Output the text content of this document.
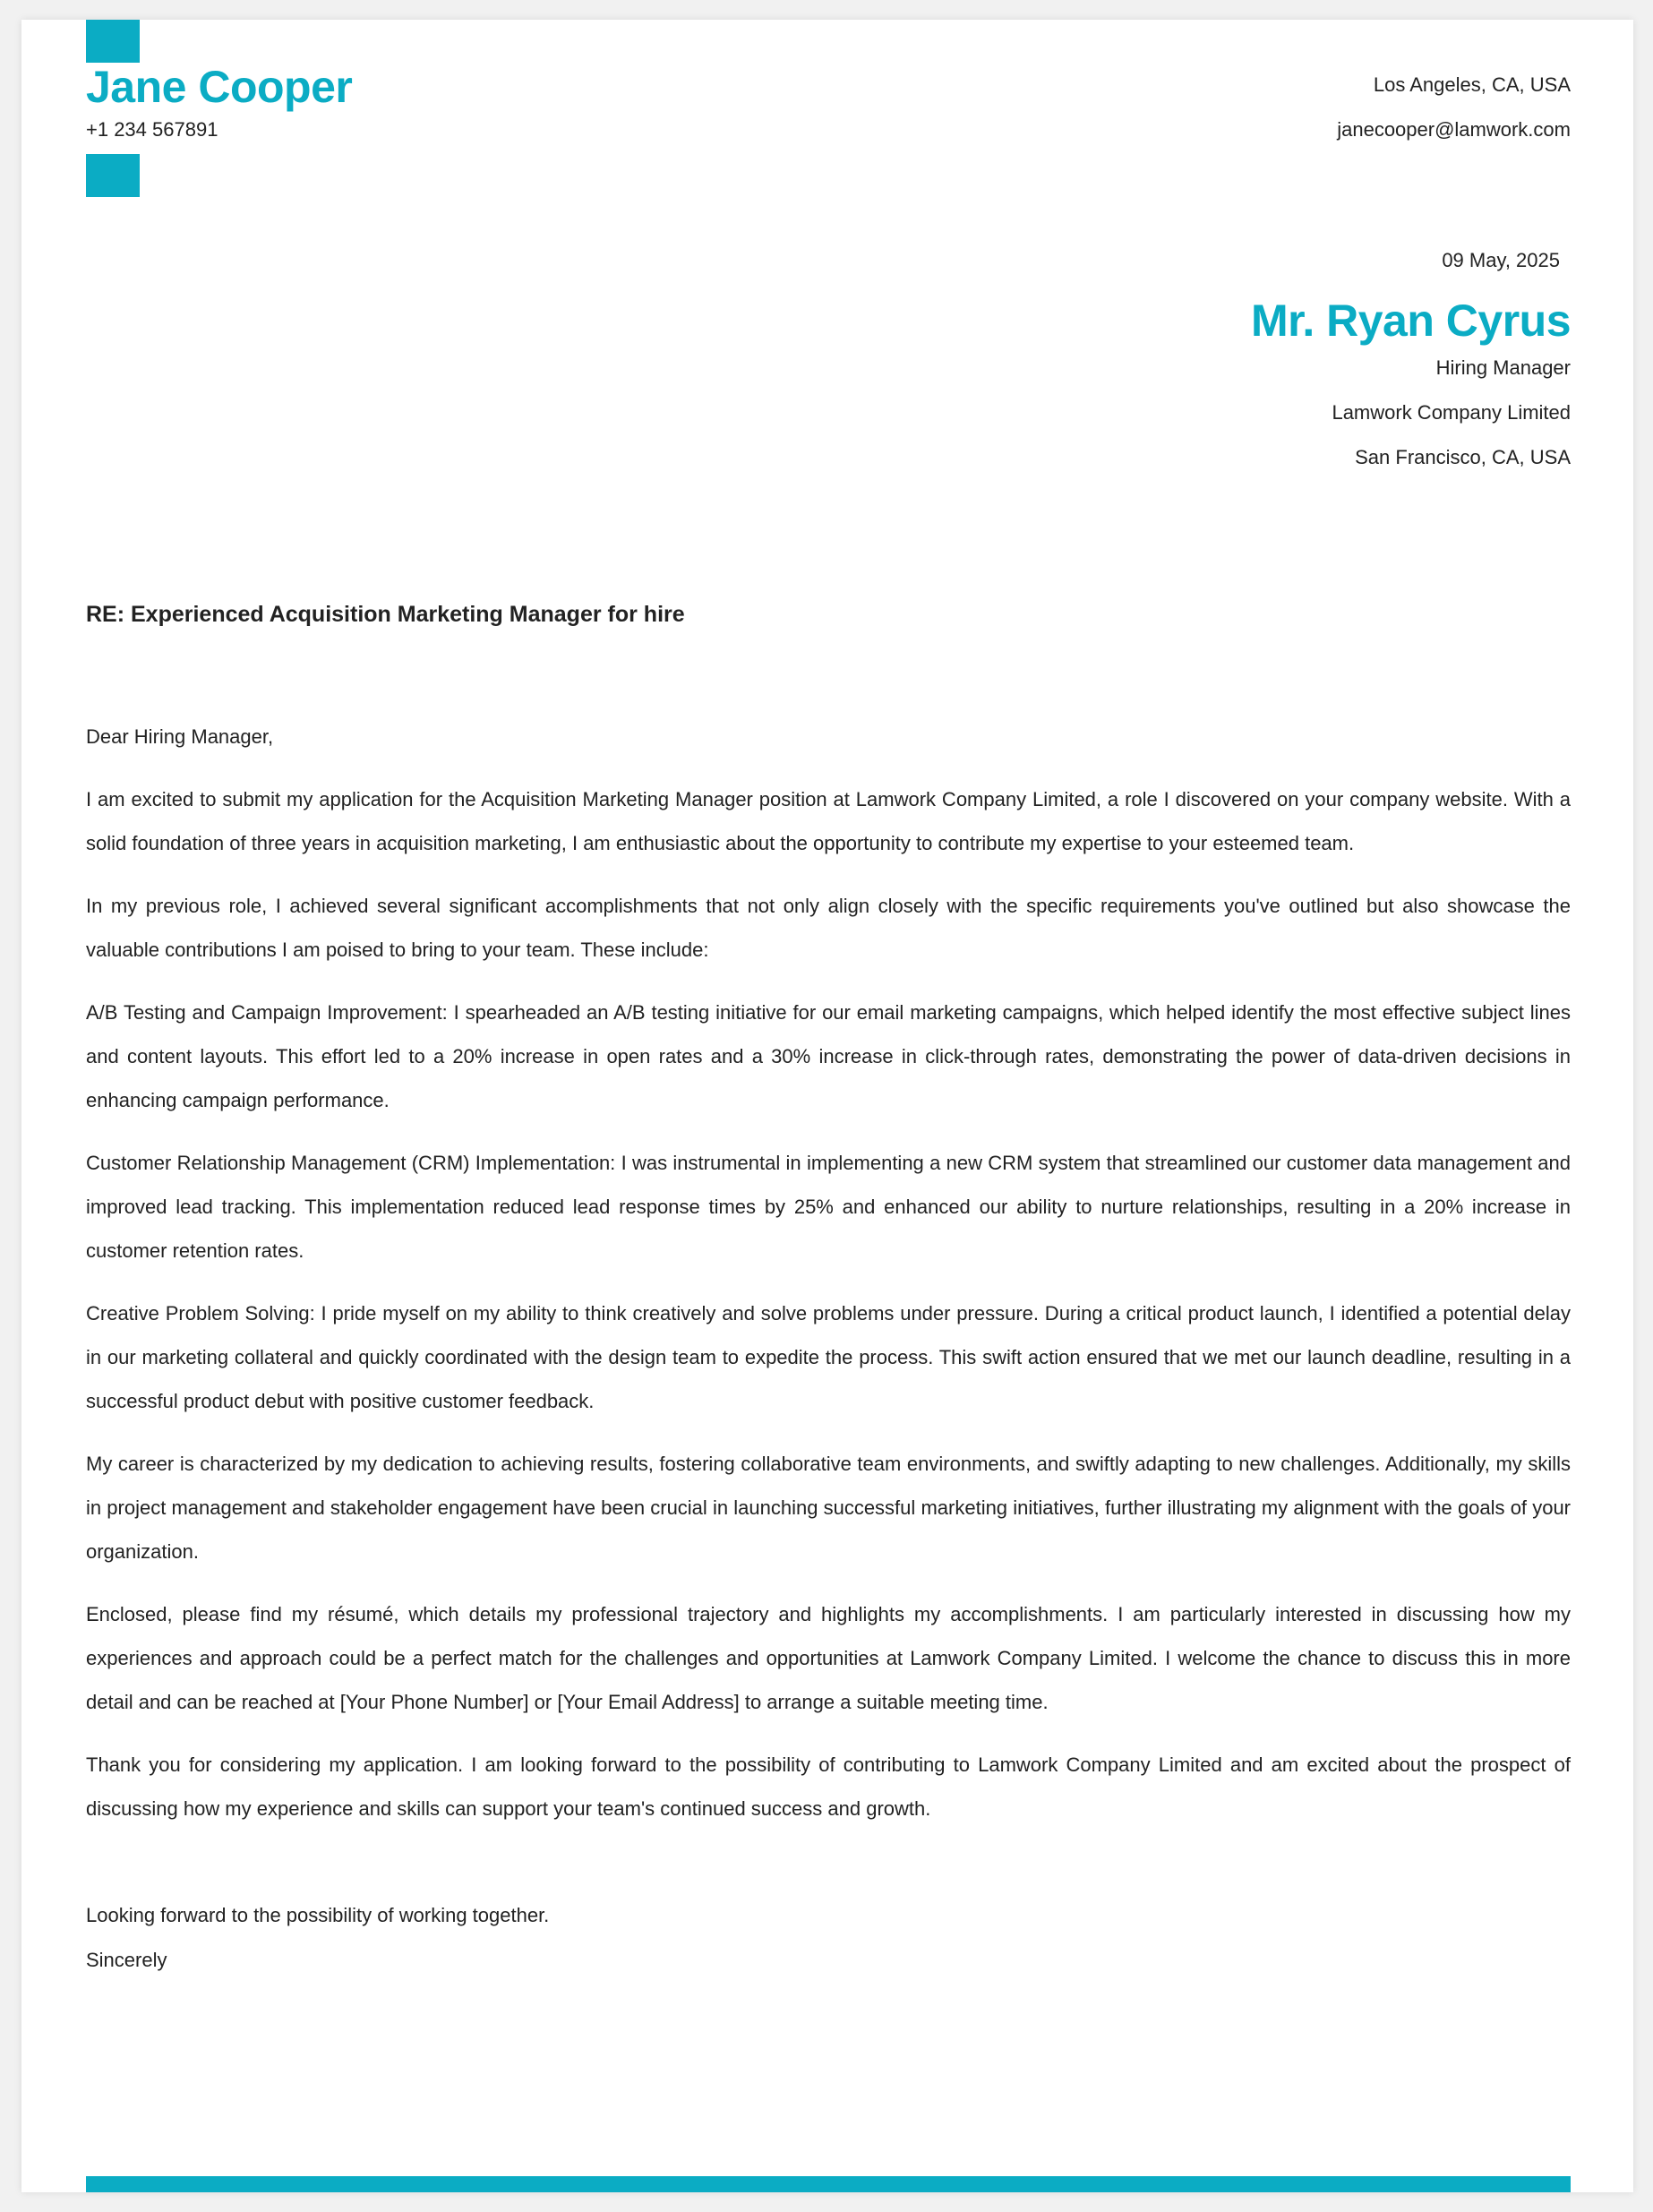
Jane Cooper
+1 234 567891
Los Angeles, CA, USA
janecooper@lamwork.com
09 May, 2025
Mr. Ryan Cyrus
Hiring Manager
Lamwork Company Limited
San Francisco, CA, USA
RE: Experienced Acquisition Marketing Manager for hire

Dear Hiring Manager,

I am excited to submit my application for the Acquisition Marketing Manager position at Lamwork Company Limited, a role I discovered on your company website. With a solid foundation of three years in acquisition marketing, I am enthusiastic about the opportunity to contribute my expertise to your esteemed team.

In my previous role, I achieved several significant accomplishments that not only align closely with the specific requirements you've outlined but also showcase the valuable contributions I am poised to bring to your team. These include:

A/B Testing and Campaign Improvement: I spearheaded an A/B testing initiative for our email marketing campaigns, which helped identify the most effective subject lines and content layouts. This effort led to a 20% increase in open rates and a 30% increase in click-through rates, demonstrating the power of data-driven decisions in enhancing campaign performance.

Customer Relationship Management (CRM) Implementation: I was instrumental in implementing a new CRM system that streamlined our customer data management and improved lead tracking. This implementation reduced lead response times by 25% and enhanced our ability to nurture relationships, resulting in a 20% increase in customer retention rates.

Creative Problem Solving: I pride myself on my ability to think creatively and solve problems under pressure. During a critical product launch, I identified a potential delay in our marketing collateral and quickly coordinated with the design team to expedite the process. This swift action ensured that we met our launch deadline, resulting in a successful product debut with positive customer feedback.

My career is characterized by my dedication to achieving results, fostering collaborative team environments, and swiftly adapting to new challenges. Additionally, my skills in project management and stakeholder engagement have been crucial in launching successful marketing initiatives, further illustrating my alignment with the goals of your organization.

Enclosed, please find my résumé, which details my professional trajectory and highlights my accomplishments. I am particularly interested in discussing how my experiences and approach could be a perfect match for the challenges and opportunities at Lamwork Company Limited. I welcome the chance to discuss this in more detail and can be reached at [Your Phone Number] or [Your Email Address] to arrange a suitable meeting time.

Thank you for considering my application. I am looking forward to the possibility of contributing to Lamwork Company Limited and am excited about the prospect of discussing how my experience and skills can support your team's continued success and growth.

Looking forward to the possibility of working together.
Sincerely
